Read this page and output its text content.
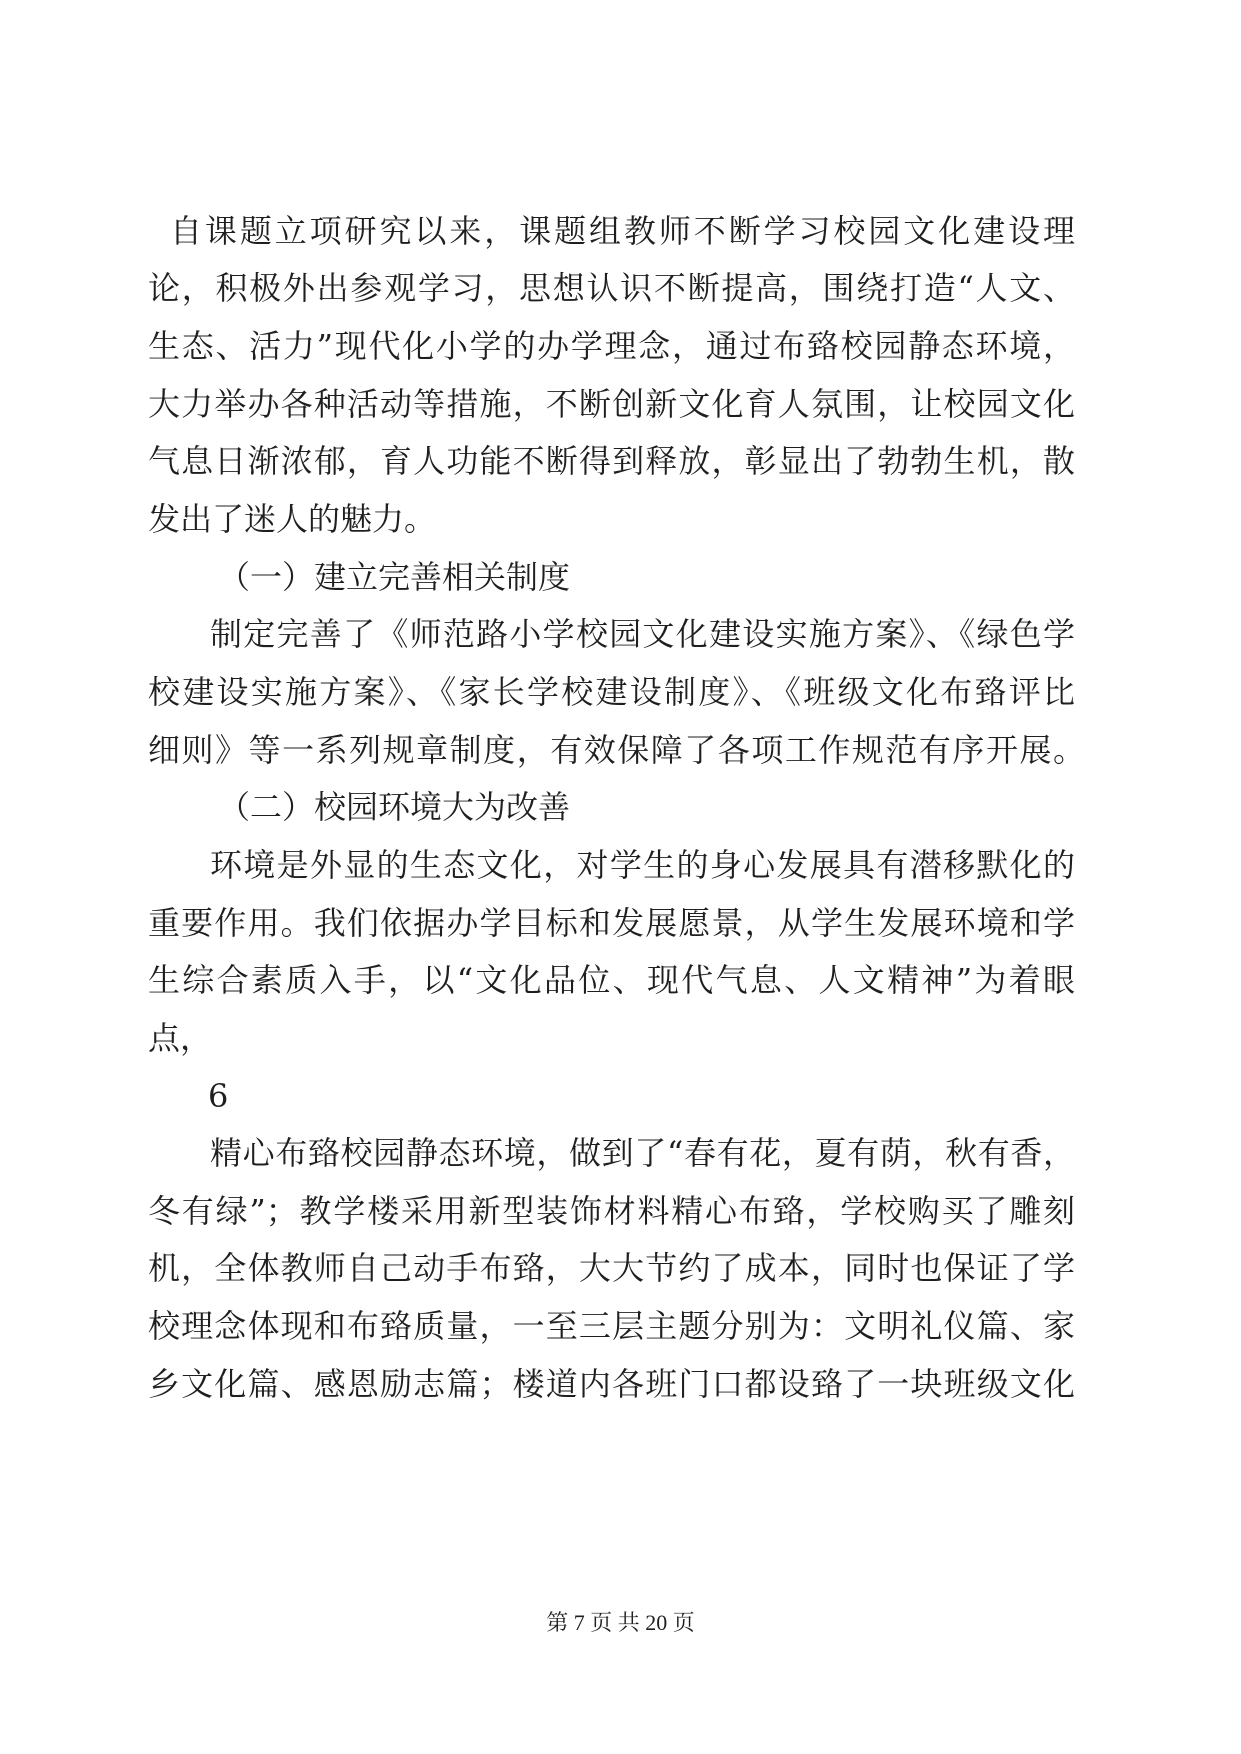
自课题立项研究以来，课题组教师不断学习校园文化建设理
论，积极外出参观学习，思想认识不断提高，围绕打造“人文、
生态、活力”现代化小学的办学理念，通过布臵校园静态环境，
大力举办各种活动等措施，不断创新文化育人氛围，让校园文化
气息日渐浓郁，育人功能不断得到释放，彰显出了勃勃生机，散
发出了迷人的魅力。
（一）建立完善相关制度
制定完善了《师范路小学校园文化建设实施方案》、《绿色学
校建设实施方案》、《家长学校建设制度》、《班级文化布臵评比
细则》等一系列规章制度，有效保障了各项工作规范有序开展。
（二）校园环境大为改善
环境是外显的生态文化，对学生的身心发展具有潜移默化的
重要作用。我们依据办学目标和发展愿景，从学生发展环境和学
生综合素质入手，以“文化品位、现代气息、人文精神”为着眼
点，
6
精心布臵校园静态环境，做到了“春有花，夏有荫，秋有香，
冬有绿”；教学楼采用新型装饰材料精心布臵，学校购买了雕刻
机，全体教师自己动手布臵，大大节约了成本，同时也保证了学
校理念体现和布臵质量，一至三层主题分别为：文明礼仪篇、家
乡文化篇、感恩励志篇；楼道内各班门口都设臵了一块班级文化
第 7 页 共 20 页
